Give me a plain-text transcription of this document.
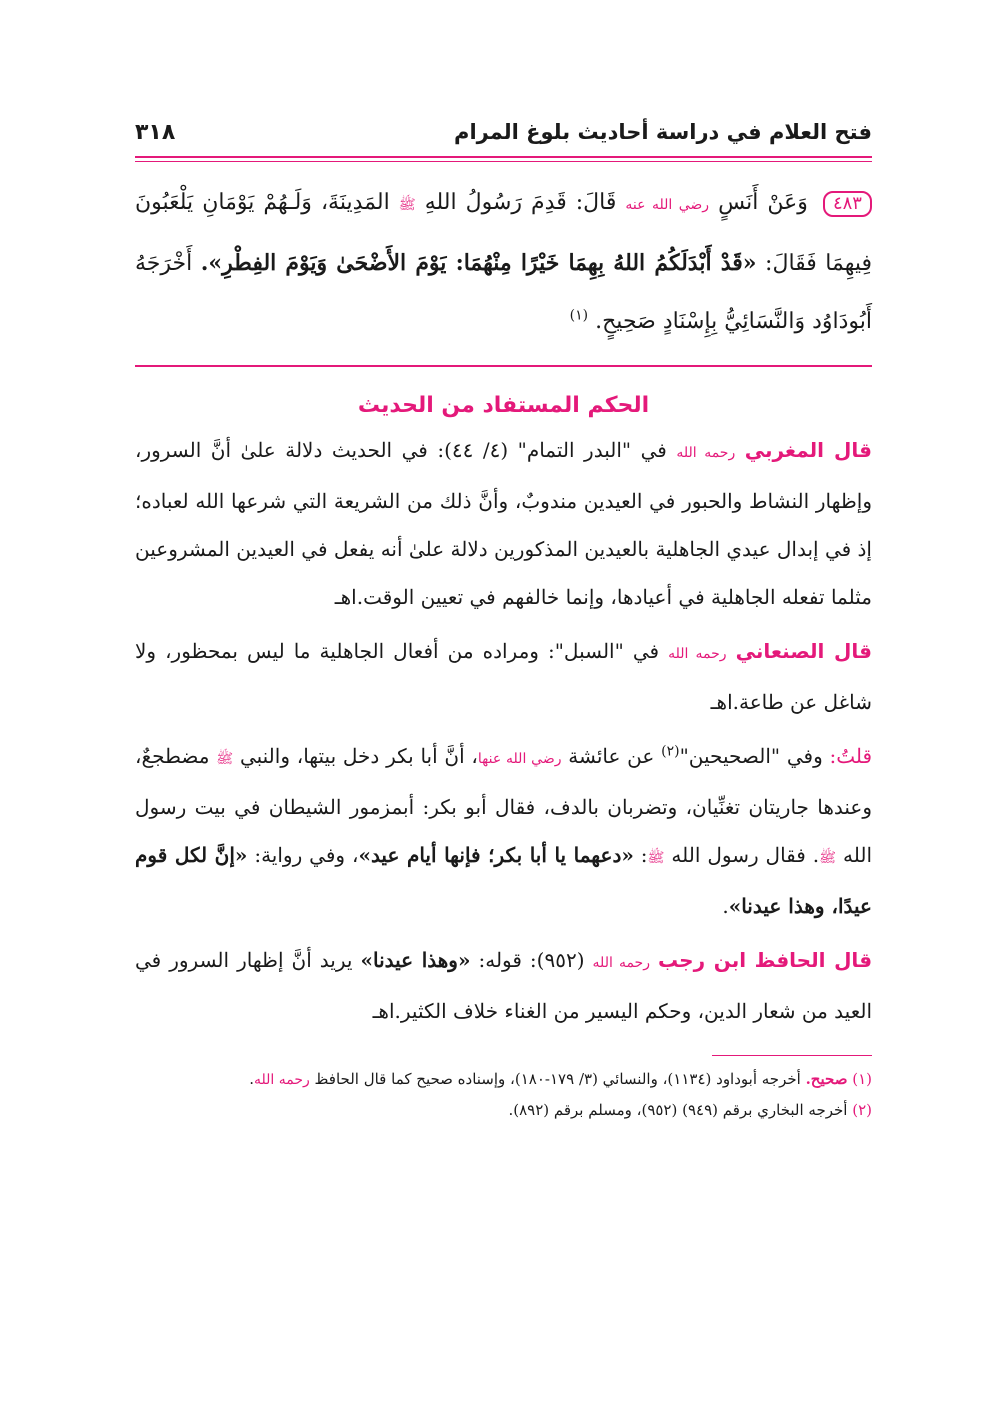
فتح العلام في دراسة أحاديث بلوغ المرام
٣١٨
٤٨٣ وَعَنْ أَنَسٍ رضي الله عنه قَالَ: قَدِمَ رَسُولُ اللهِ ﷺ المَدِينَةَ، وَلَـهُمْ يَوْمَانِ يَلْعَبُونَ فِيهِمَا فَقَالَ: «قَدْ أَبْدَلَكُمُ اللهُ بِهِمَا خَيْرًا مِنْهُمَا: يَوْمَ الأَضْحَىٰ وَيَوْمَ الفِطْرِ». أَخْرَجَهُ أَبُودَاوُد وَالنَّسَائِيُّ بِإِسْنَادٍ صَحِيحٍ. $^{(١)}$
الحكم المستفاد من الحديث

قال المغربي رحمه الله في "البدر التمام" (٤/ ٤٤): في الحديث دلالة علىٰ أنَّ السرور، وإظهار النشاط والحبور في العيدين مندوبٌ، وأنَّ ذلك من الشريعة التي شرعها الله لعباده؛ إذ في إبدال عيدي الجاهلية بالعيدين المذكورين دلالة علىٰ أنه يفعل في العيدين المشروعين مثلما تفعله الجاهلية في أعيادها، وإنما خالفهم في تعيين الوقت.اهـ

قال الصنعاني رحمه الله في "السبل": ومراده من أفعال الجاهلية ما ليس بمحظور، ولا شاغل عن طاعة.اهـ

قلتُ: وفي "الصحيحين"$^{(٢)}$ عن عائشة رضي الله عنها، أنَّ أبا بكر دخل بيتها، والنبي ﷺ مضطجعٌ، وعندها جاريتان تغنِّيان، وتضربان بالدف، فقال أبو بكر: أبمزمور الشيطان في بيت رسول الله ﷺ. فقال رسول الله ﷺ: «دعهما يا أبا بكر؛ فإنها أيام عيد»، وفي رواية: «إنَّ لكل قوم عيدًا، وهذا عيدنا».

قال الحافظ ابن رجب رحمه الله (٩٥٢): قوله: «وهذا عيدنا» يريد أنَّ إظهار السرور في العيد من شعار الدين، وحكم اليسير من الغناء خلاف الكثير.اهـ

(١) صحيح. أخرجه أبوداود (١١٣٤)، والنسائي (٣/ ١٧٩-١٨٠)، وإسناده صحيح كما قال الحافظ رحمه الله.
(٢) أخرجه البخاري برقم (٩٤٩) (٩٥٢)، ومسلم برقم (٨٩٢).
